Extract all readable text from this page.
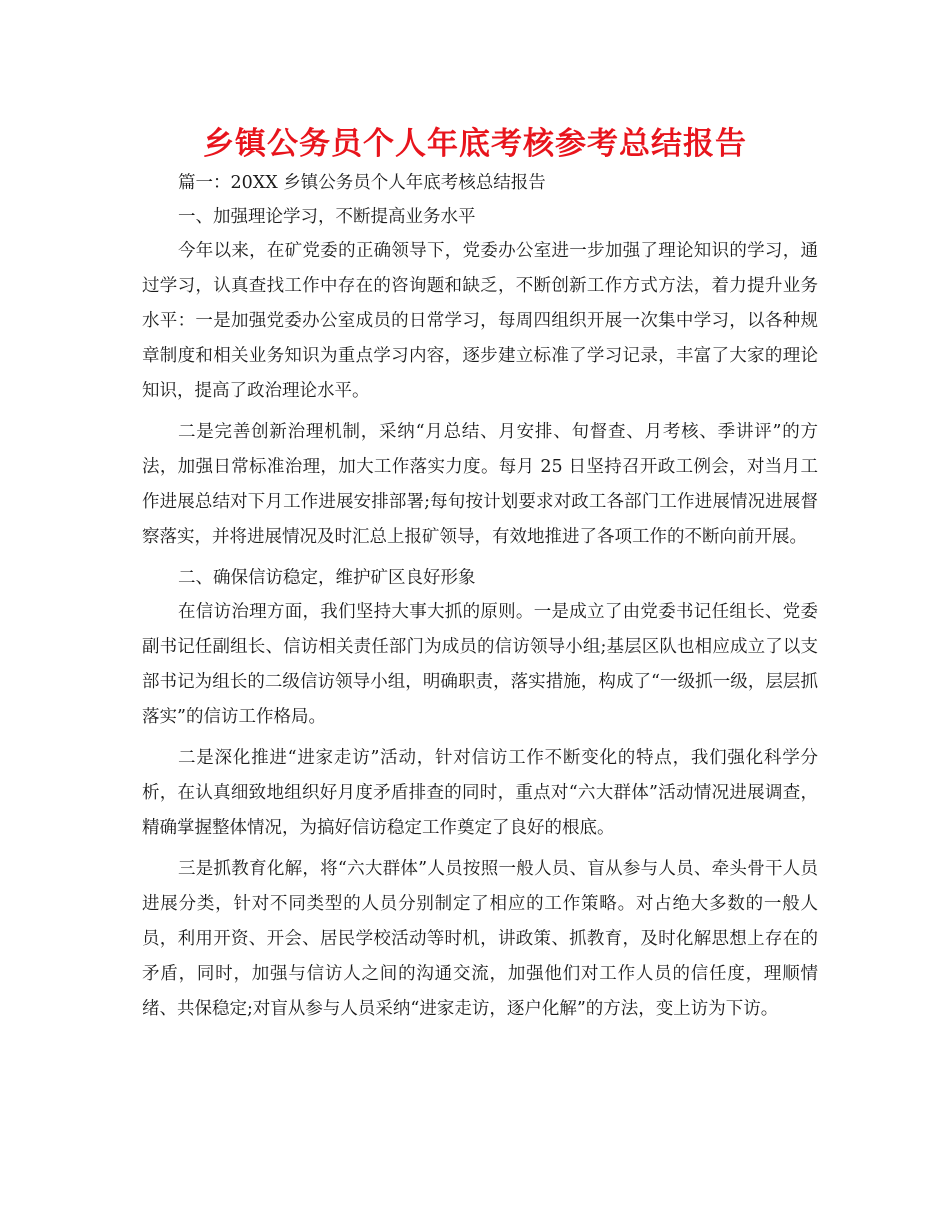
乡镇公务员个人年底考核参考总结报告

篇一：20XX 乡镇公务员个人年底考核总结报告

一、加强理论学习，不断提高业务水平

今年以来，在矿党委的正确领导下，党委办公室进一步加强了理论知识的学习，通过学习，认真查找工作中存在的咨询题和缺乏，不断创新工作方式方法，着力提升业务水平：一是加强党委办公室成员的日常学习，每周四组织开展一次集中学习，以各种规章制度和相关业务知识为重点学习内容，逐步建立标准了学习记录，丰富了大家的理论知识，提高了政治理论水平。

二是完善创新治理机制，采纳“月总结、月安排、旬督查、月考核、季讲评”的方法，加强日常标准治理，加大工作落实力度。每月 25 日坚持召开政工例会，对当月工作进展总结对下月工作进展安排部署;每旬按计划要求对政工各部门工作进展情况进展督察落实，并将进展情况及时汇总上报矿领导，有效地推进了各项工作的不断向前开展。

二、确保信访稳定，维护矿区良好形象

在信访治理方面，我们坚持大事大抓的原则。一是成立了由党委书记任组长、党委副书记任副组长、信访相关责任部门为成员的信访领导小组;基层区队也相应成立了以支部书记为组长的二级信访领导小组，明确职责，落实措施，构成了“一级抓一级，层层抓落实”的信访工作格局。

二是深化推进“进家走访”活动，针对信访工作不断变化的特点，我们强化科学分析，在认真细致地组织好月度矛盾排查的同时，重点对“六大群体”活动情况进展调查，精确掌握整体情况，为搞好信访稳定工作奠定了良好的根底。

三是抓教育化解，将“六大群体”人员按照一般人员、盲从参与人员、牵头骨干人员进展分类，针对不同类型的人员分别制定了相应的工作策略。对占绝大多数的一般人员，利用开资、开会、居民学校活动等时机，讲政策、抓教育，及时化解思想上存在的矛盾，同时，加强与信访人之间的沟通交流，加强他们对工作人员的信任度，理顺情绪、共保稳定;对盲从参与人员采纳“进家走访，逐户化解”的方法，变上访为下访。
